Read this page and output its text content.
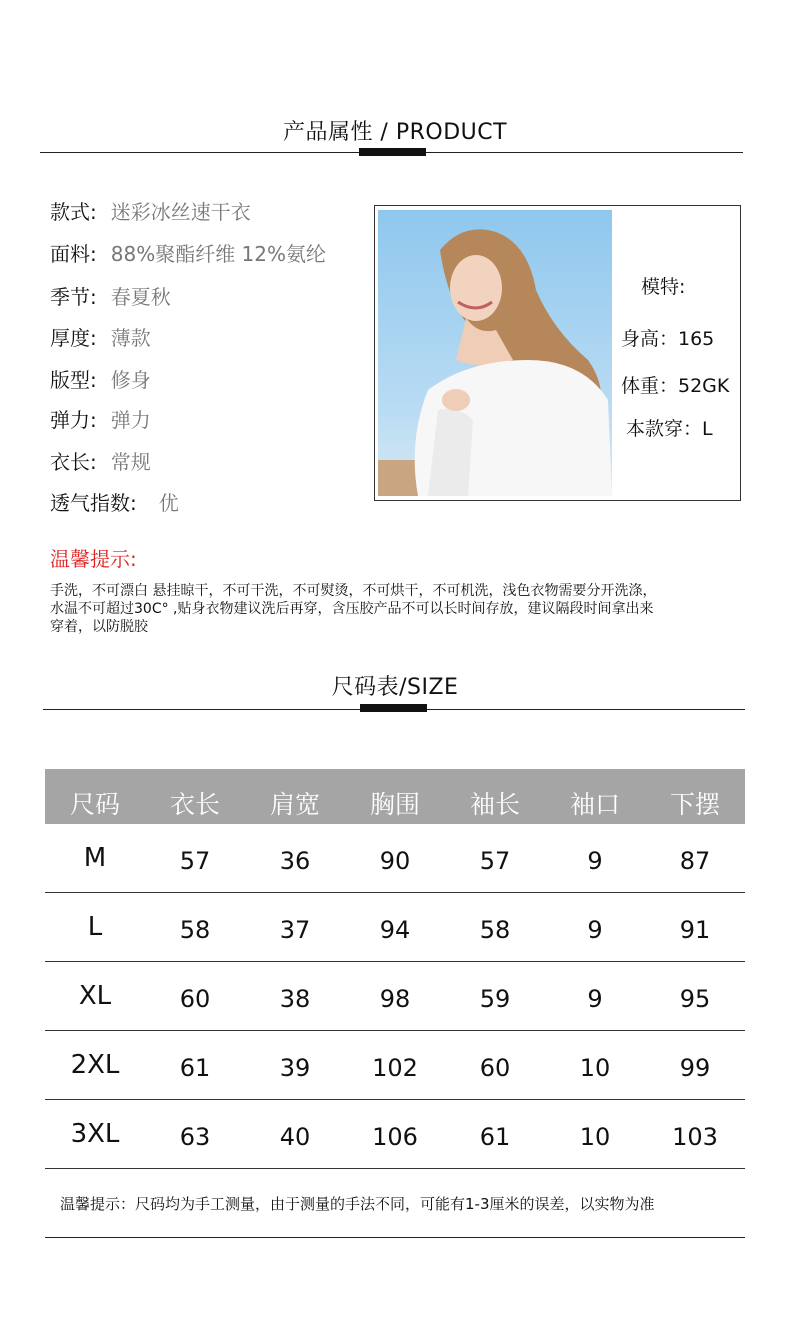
产品属性 / PRODUCT
款式: 迷彩冰丝速干衣
面料: 88%聚酯纤维 12%氨纶
季节: 春夏秋
厚度: 薄款
版型: 修身
弹力: 弹力
衣长: 常规
透气指数: 优
模特:
身高：165
体重：52GK
本款穿：L
温馨提示:
手洗，不可漂白 悬挂晾干，不可干洗，不可熨烫，不可烘干，不可机洗，浅色衣物需要分开洗涤，
水温不可超过30C° ,贴身衣物建议洗后再穿，含压胶产品不可以长时间存放，建议隔段时间拿出来
穿着，以防脱胶
尺码表/SIZE
尺码	衣长	肩宽	胸围	袖长	袖口	下摆
M	57	36	90	57	9	87
L	58	37	94	58	9	91
XL	60	38	98	59	9	95
2XL	61	39	102	60	10	99
3XL	63	40	106	61	10	103
温馨提示：尺码均为手工测量，由于测量的手法不同，可能有1-3厘米的误差，以实物为准
